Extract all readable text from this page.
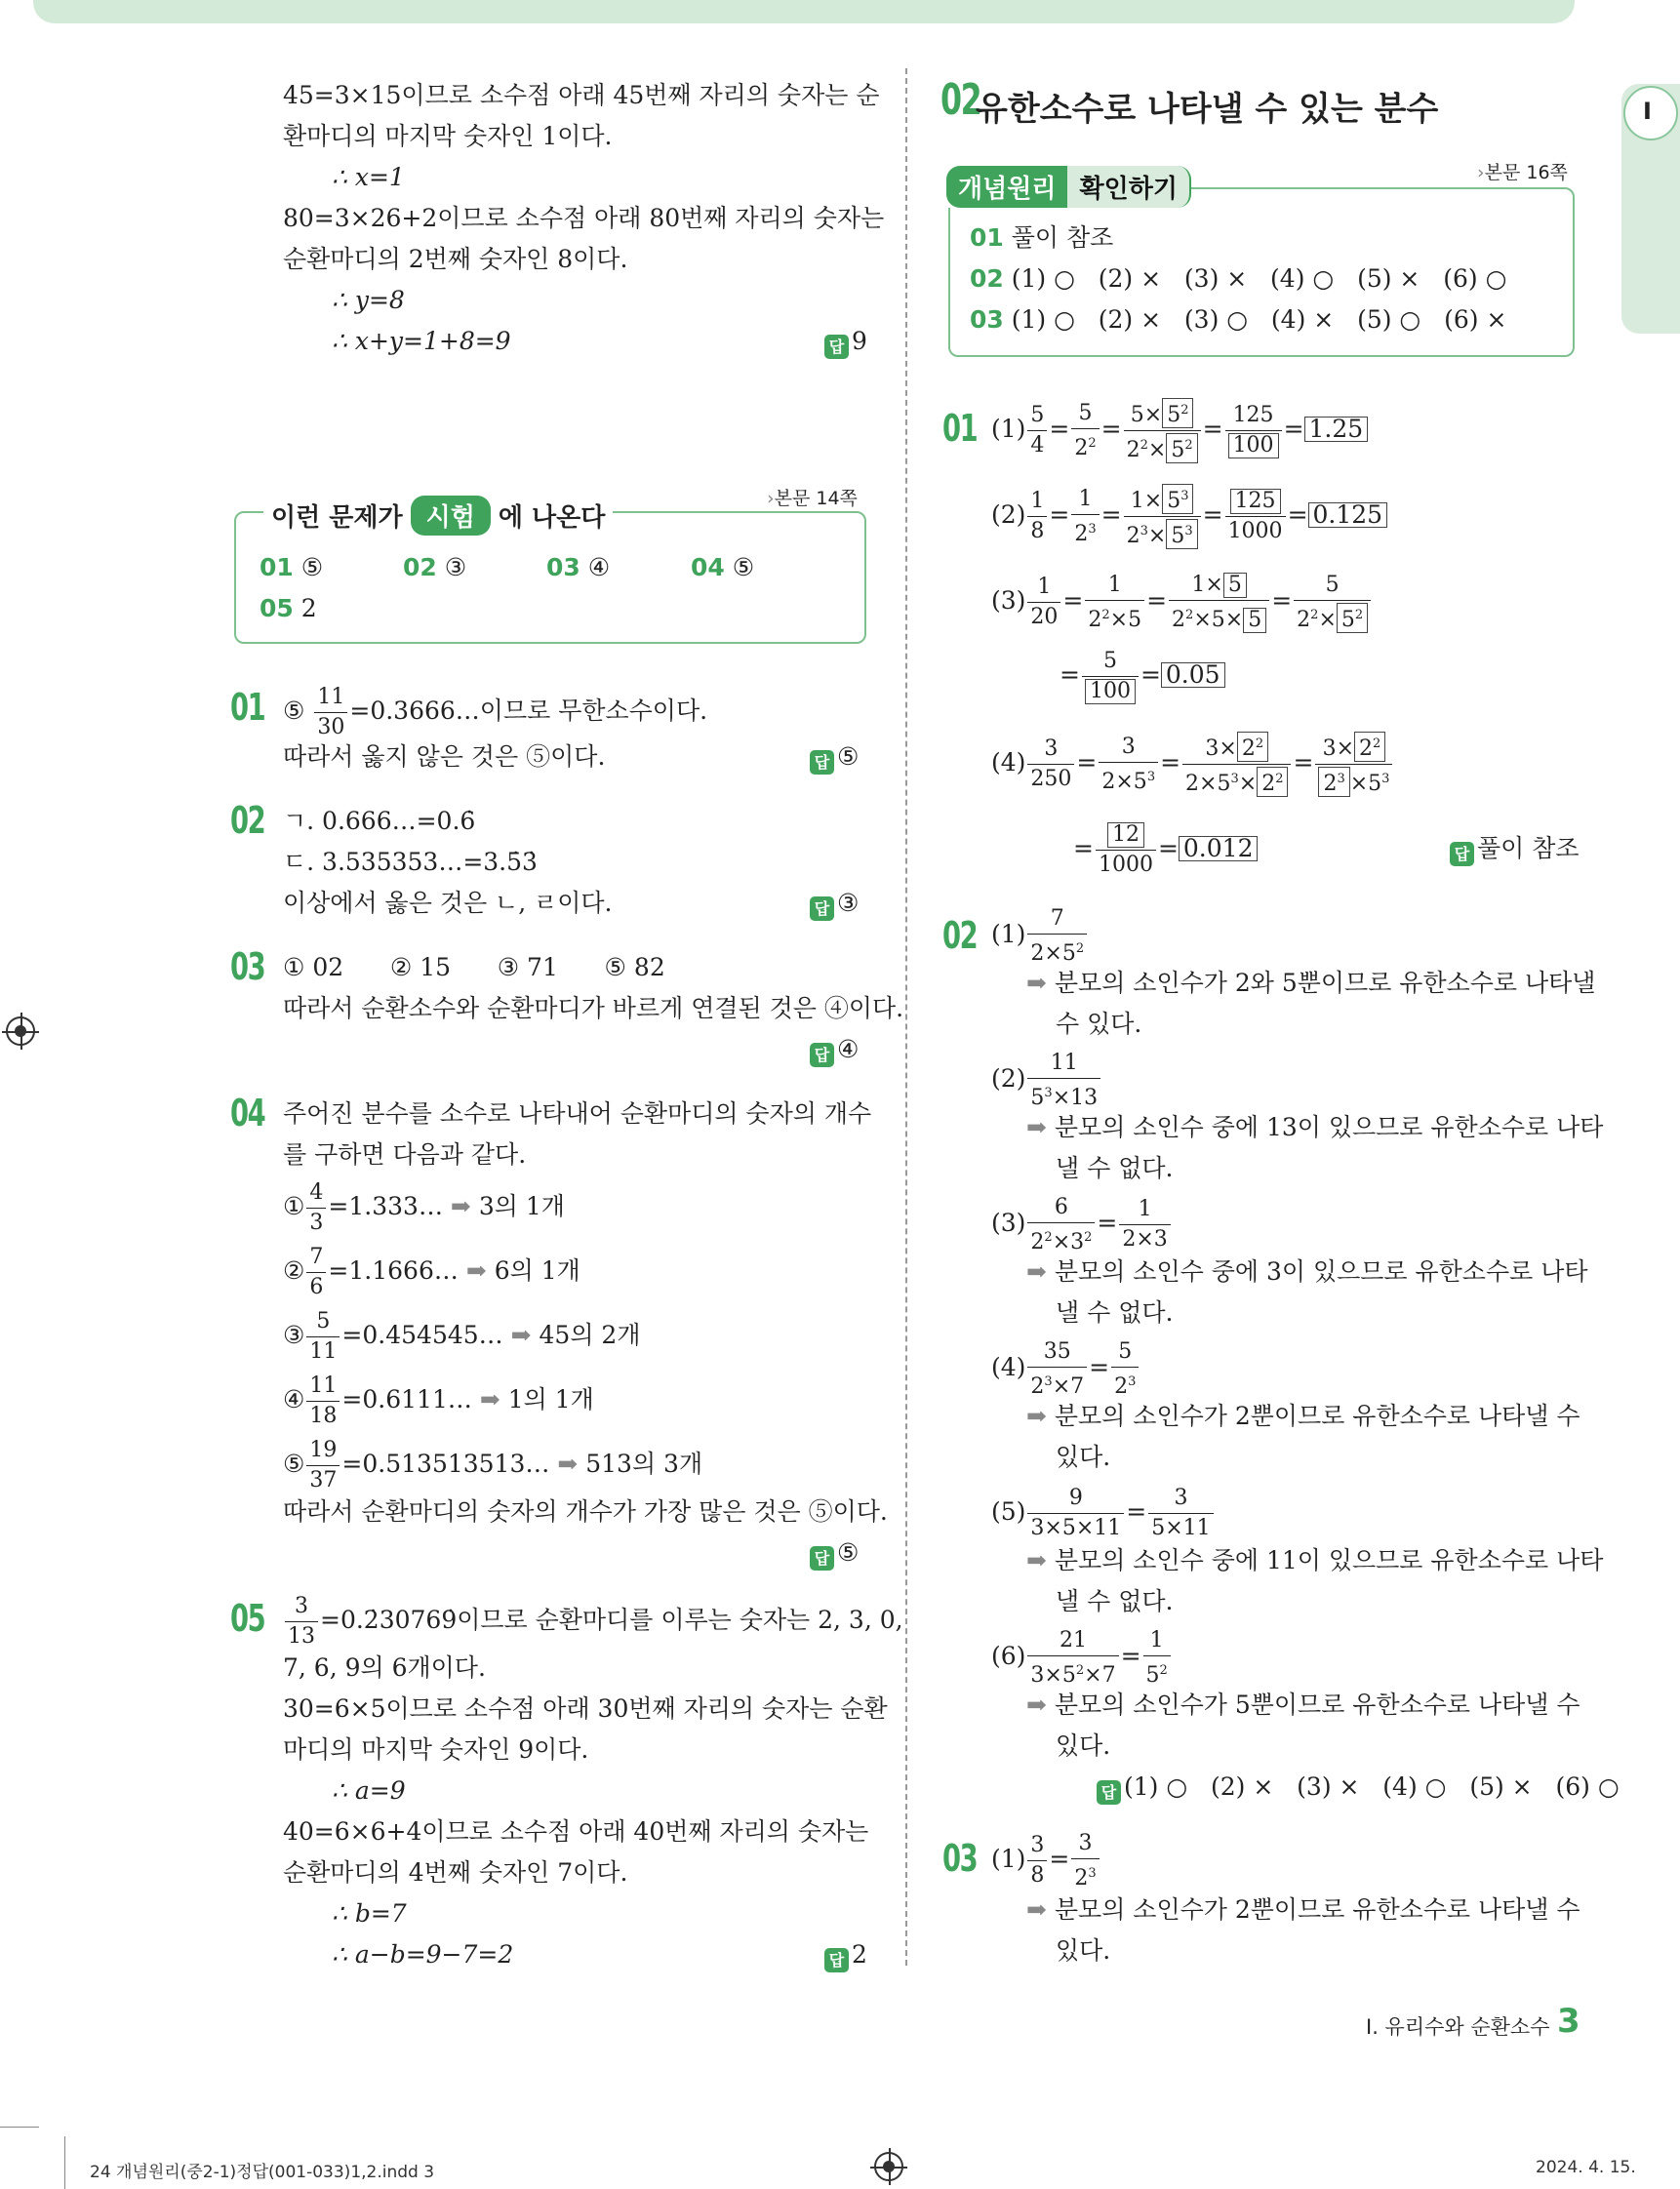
Ⅰ
45=3×15이므로 소수점 아래 45번째 자리의 숫자는 순
환마디의 마지막 숫자인 1이다.
∴ x=1
80=3×26+2이므로 소수점 아래 80번째 자리의 숫자는
순환마디의 2번째 숫자인 8이다.
∴ y=8
∴ x+y=1+8=9	답 9
이런 문제가 시험 에 나온다
›본문 14쪽
01 ⑤	02 ③	03 ④	04 ⑤
05 2
01 ⑤ $\frac{11}{30}$ =0.3666…이므로 무한소수이다.
따라서 옳지 않은 것은 ⑤이다.	답 ⑤
02 ㄱ. 0.666…=0.6̇
ㄷ. 3.535353…=3.5̇3̇
이상에서 옳은 것은 ㄴ, ㄹ이다.	답 ③
03 ① 02      ② 15      ③ 71      ⑤ 82
따라서 순환소수와 순환마디가 바르게 연결된 것은 ④이다.
답 ④
04 주어진 분수를 소수로 나타내어 순환마디의 숫자의 개수
를 구하면 다음과 같다.
① $\frac{4}{3}$ =1.333… ➡ 3의 1개
② $\frac{7}{6}$ =1.1666… ➡ 6의 1개
③ $\frac{5}{11}$ =0.454545… ➡ 45의 2개
④ $\frac{11}{18}$ =0.6111… ➡ 1의 1개
⑤ $\frac{19}{37}$ =0.513513513… ➡ 513의 3개
따라서 순환마디의 숫자의 개수가 가장 많은 것은 ⑤이다.
답 ⑤
$05 \frac{3}{13}$ =0.2̇30769̇이므로 순환마디를 이루는 숫자는 2, 3, 0,
7, 6, 9의 6개이다.
30=6×5이므로 소수점 아래 30번째 자리의 숫자는 순환
마디의 마지막 숫자인 9이다.
∴ a=9
40=6×6+4이므로 소수점 아래 40번째 자리의 숫자는
순환마디의 4번째 숫자인 7이다.
∴ b=7
∴ a−b=9−7=2	답 2
02
유한소수로 나타낼 수 있는 분수
개념원리 확인하기
›본문 16쪽
01 풀이 참조
02 (1) ○   (2) ×   (3) ×   (4) ○   (5) ×   (6) ○
03 (1) ○   (2) ×   (3) ○   (4) ×   (5) ○   (6) ×
01 $(1) \frac{5}{4} = \frac{5}{2^2} = \frac{5\times 5^2}{2^2\times 5^2} = \frac{125}{100} = 1.25$
$(2) \frac{1}{8} = \frac{1}{2^3} = \frac{1\times 5^3}{2^3\times 5^3} = \frac{125}{1000} = 0.125$
$(3) \frac{1}{20} = \frac{1}{2^2\times 5} = \frac{1\times 5}{2^2\times 5\times 5} = \frac{5}{2^2\times 5^2}$
= $\frac{5}{100} = 0.05$
$(4) \frac{3}{250} = \frac{3}{2\times 5^3} = \frac{3\times 2^2}{2\times 5^3\times 2^2} = \frac{3\times 2^2}{2^3 \times 5^3}$
= $\frac{12}{1000} = 0.012$	답 풀이 참조
02 $(1) \frac{7}{2\times 5^2}$
➡ 분모의 소인수가 2와 5뿐이므로 유한소수로 나타낼
수 있다.
$(2) \frac{11}{5^3\times 13}$
➡ 분모의 소인수 중에 13이 있으므로 유한소수로 나타
낼 수 없다.
$(3) \frac{6}{2^2\times 3^2} = \frac{1}{2\times 3}$
➡ 분모의 소인수 중에 3이 있으므로 유한소수로 나타
낼 수 없다.
$(4) \frac{35}{2^3\times 7} = \frac{5}{2^3}$
➡ 분모의 소인수가 2뿐이므로 유한소수로 나타낼 수
있다.
$(5) \frac{9}{3\times 5\times 11} = \frac{3}{5\times 11}$
➡ 분모의 소인수 중에 11이 있으므로 유한소수로 나타
낼 수 없다.
$(6) \frac{21}{3\times 5^2\times 7} = \frac{1}{5^2}$
➡ 분모의 소인수가 5뿐이므로 유한소수로 나타낼 수
있다.
답 (1) ○   (2) ×   (3) ×   (4) ○   (5) ×   (6) ○
03 $(1) \frac{3}{8} = \frac{3}{2^3}$
➡ 분모의 소인수가 2뿐이므로 유한소수로 나타낼 수
있다.
Ⅰ. 유리수와 순환소수 3
24 개념원리(중2-1)정답(001-033)1,2.indd 3	2024. 4. 15.
